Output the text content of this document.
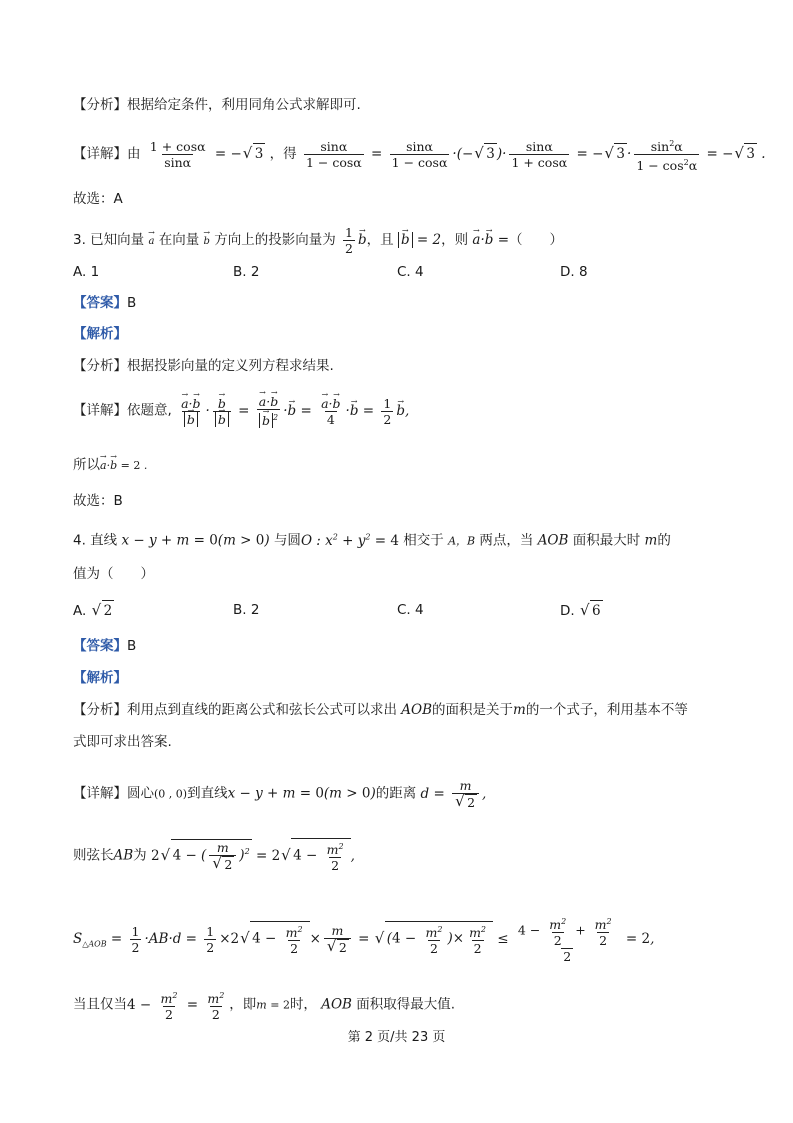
【分析】根据给定条件，利用同角公式求解即可.
【详解】由 $\frac{1 + \cos\alpha}{\sin\alpha}$ = −√ 3 ，得 $\frac{\sin\alpha}{1 - \cos\alpha} = \frac{\sin\alpha}{1 - \cos\alpha}$ ·(−√ 3 )· $\frac{\sin\alpha}{1 + \cos\alpha}$ = −√ $3 \cdot \frac{\sin^2\alpha}{1 - \cos^2\alpha}$ = −√ 3 .
故选：A
3. 已知向量 a → 在向量 b → 方向上的投影向量为 $\frac{1}{2}$ b →，且 b → = 2，则 a →·b → =（　　）
A. 1	B. 2	C. 4	D. 8
【答案】B
【解析】
【分析】根据投影向量的定义列方程求结果.
【详解】依题意, $\frac{a \to\cdot b \to}{b}$ → · $\frac{b \to}{b}$ → = $\frac{a \to\cdot b \to}{b \to ^2} \cdot b$ → = $\frac{a \to\cdot b \to}{4} \cdot b$ → = $\frac{1}{2}$ b →,
所以a →·b → = 2 .
故选：B
4. 直线 x − y + m = 0(m > 0) 与圆O : $x^2 + y^2 = 4$ 相交于 A，B 两点，当 AOB 面积最大时 m的
值为（　　）
A. √ 2	B. 2	C. 4	D. √ 6
【答案】B
【解析】
【分析】利用点到直线的距离公式和弦长公式可以求出 AOB的面积是关于m的一个式子，利用基本不等
式即可求出答案.
【详解】圆心(0 , 0)到直线x − y + m = 0(m > 0)的距离 d = m
√ 2 ,
则弦长AB为 2√ 4 − ( m
√ 2 )$^2$ = 2√ $4 - \frac{m^2}{2}$ ,
$S_{\triangle AOB} = \frac{1}{2} \cdot AB\cdot d = \frac{1}{2} \times 2√$ $4 - \frac{m^2}{2} \times m$
√ 2 = √ ($4 - \frac{m^2}{2}$ )× $\frac{m^2}{2} \le \frac{4 - \frac{m^2}{2} + \frac{m^2}{2}}{2} = 2$,
当且仅当$4 - \frac{m^2}{2} = \frac{m^2}{2}$ ，即m = 2时， AOB 面积取得最大值.
第 2 页/共 23 页
